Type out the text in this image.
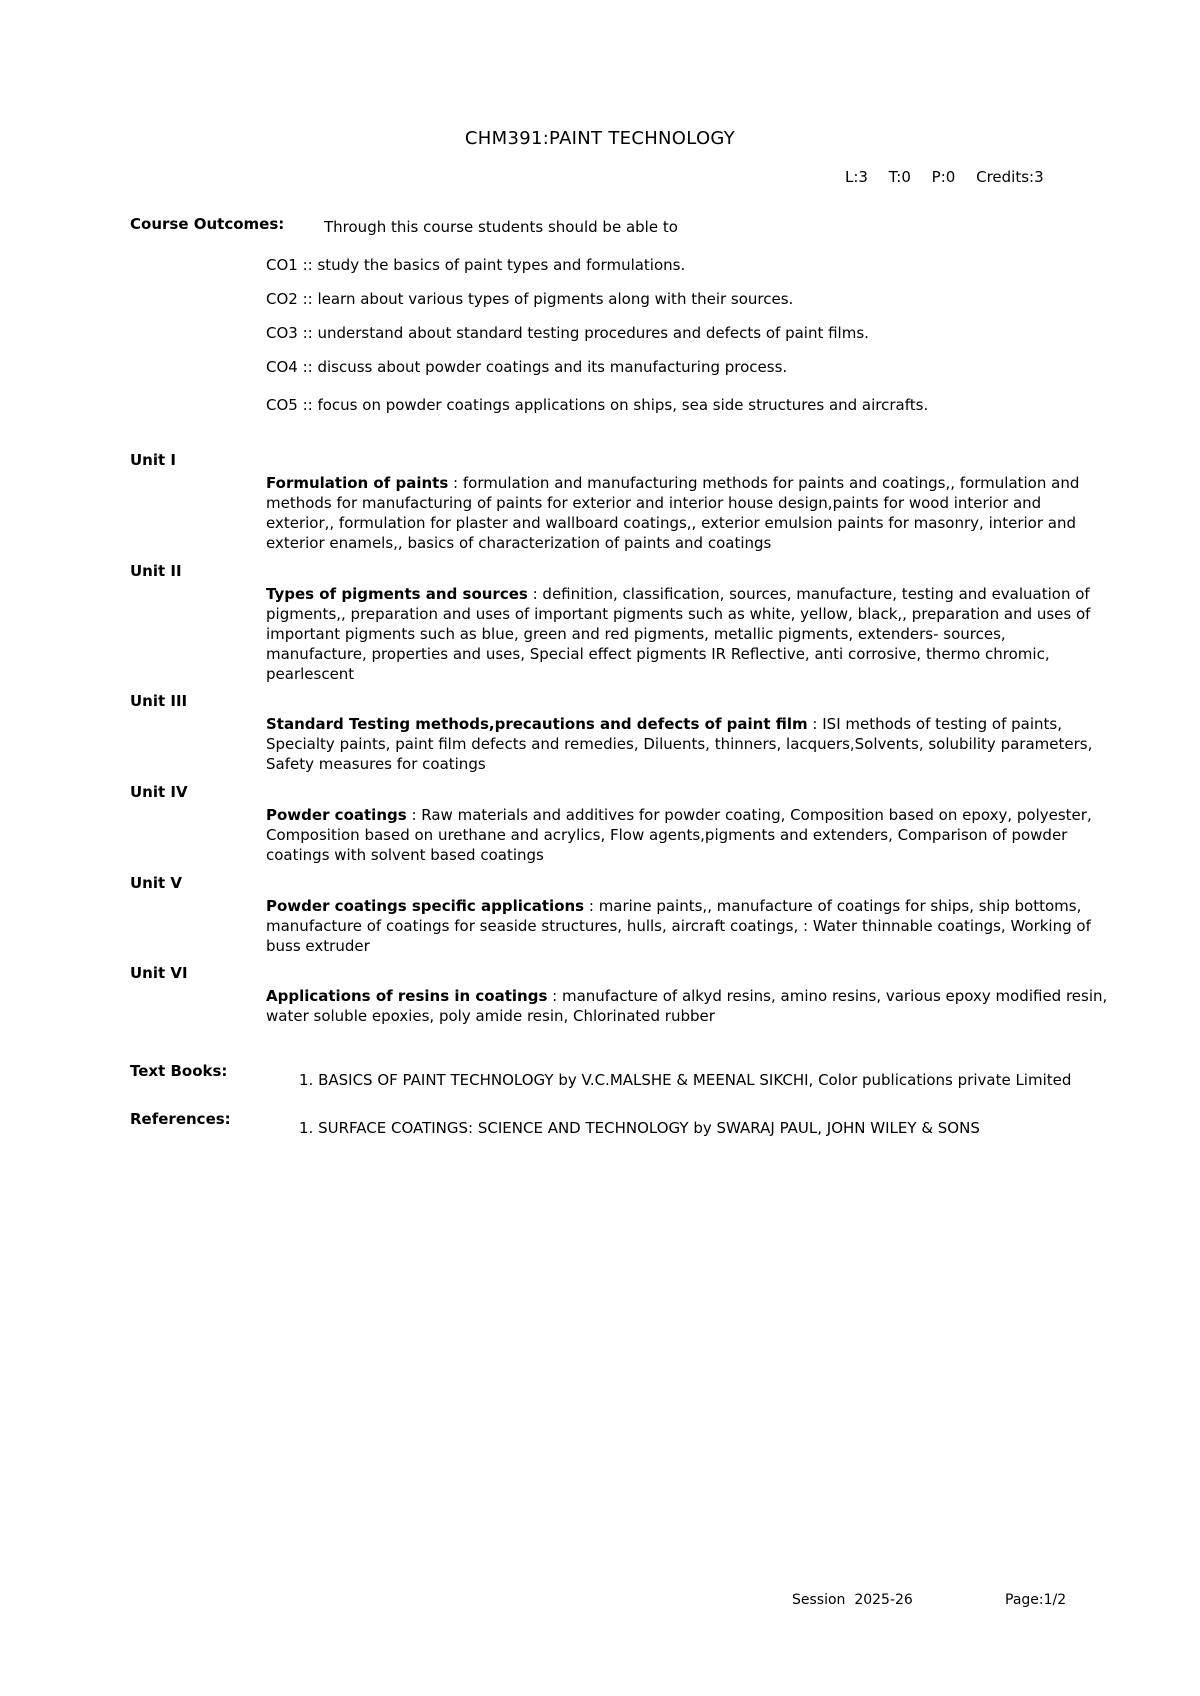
CHM391:PAINT TECHNOLOGY
L:3 T:0 P:0 Credits:3
Course Outcomes:	Through this course students should be able to
CO1 :: study the basics of paint types and formulations.
CO2 :: learn about various types of pigments along with their sources.
CO3 :: understand about standard testing procedures and defects of paint films.
CO4 :: discuss about powder coatings and its manufacturing process.
CO5 :: focus on powder coatings applications on ships, sea side structures and aircrafts.
Unit I
Formulation of paints : formulation and manufacturing methods for paints and coatings,, formulation and methods for manufacturing of paints for exterior and interior house design,paints for wood interior and exterior,, formulation for plaster and wallboard coatings,, exterior emulsion paints for masonry, interior and exterior enamels,, basics of characterization of paints and coatings
Unit II
Types of pigments and sources : definition, classification, sources, manufacture, testing and evaluation of pigments,, preparation and uses of important pigments such as white, yellow, black,, preparation and uses of important pigments such as blue, green and red pigments, metallic pigments, extenders- sources, manufacture, properties and uses, Special effect pigments IR Reflective, anti corrosive, thermo chromic, pearlescent
Unit III
Standard Testing methods,precautions and defects of paint film : ISI methods of testing of paints, Specialty paints, paint film defects and remedies, Diluents, thinners, lacquers,Solvents, solubility parameters, Safety measures for coatings
Unit IV
Powder coatings : Raw materials and additives for powder coating, Composition based on epoxy, polyester, Composition based on urethane and acrylics, Flow agents,pigments and extenders, Comparison of powder coatings with solvent based coatings
Unit V
Powder coatings specific applications : marine paints,, manufacture of coatings for ships, ship bottoms, manufacture of coatings for seaside structures, hulls, aircraft coatings, : Water thinnable coatings, Working of buss extruder
Unit VI
Applications of resins in coatings : manufacture of alkyd resins, amino resins, various epoxy modified resin, water soluble epoxies, poly amide resin, Chlorinated rubber
Text Books:	1. BASICS OF PAINT TECHNOLOGY by V.C.MALSHE & MEENAL SIKCHI, Color publications private Limited
References:	1. SURFACE COATINGS: SCIENCE AND TECHNOLOGY by SWARAJ PAUL, JOHN WILEY & SONS
Session  2025-26	Page:1/2
